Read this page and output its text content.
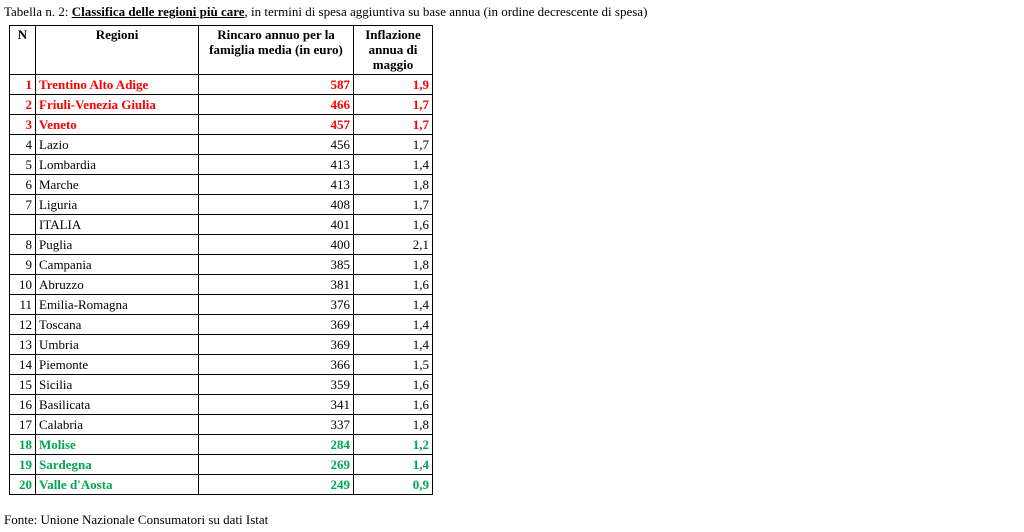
Tabella n. 2: Classifica delle regioni più care, in termini di spesa aggiuntiva su base annua (in ordine decrescente di spesa)
N	Regioni	Rincaro annuo per la famiglia media (in euro)	Inflazione annua di maggio
1	Trentino Alto Adige	587	1,9
2	Friuli-Venezia Giulia	466	1,7
3	Veneto	457	1,7
4	Lazio	456	1,7
5	Lombardia	413	1,4
6	Marche	413	1,8
7	Liguria	408	1,7
	ITALIA	401	1,6
8	Puglia	400	2,1
9	Campania	385	1,8
10	Abruzzo	381	1,6
11	Emilia-Romagna	376	1,4
12	Toscana	369	1,4
13	Umbria	369	1,4
14	Piemonte	366	1,5
15	Sicilia	359	1,6
16	Basilicata	341	1,6
17	Calabria	337	1,8
18	Molise	284	1,2
19	Sardegna	269	1,4
20	Valle d'Aosta	249	0,9
Fonte: Unione Nazionale Consumatori su dati Istat
